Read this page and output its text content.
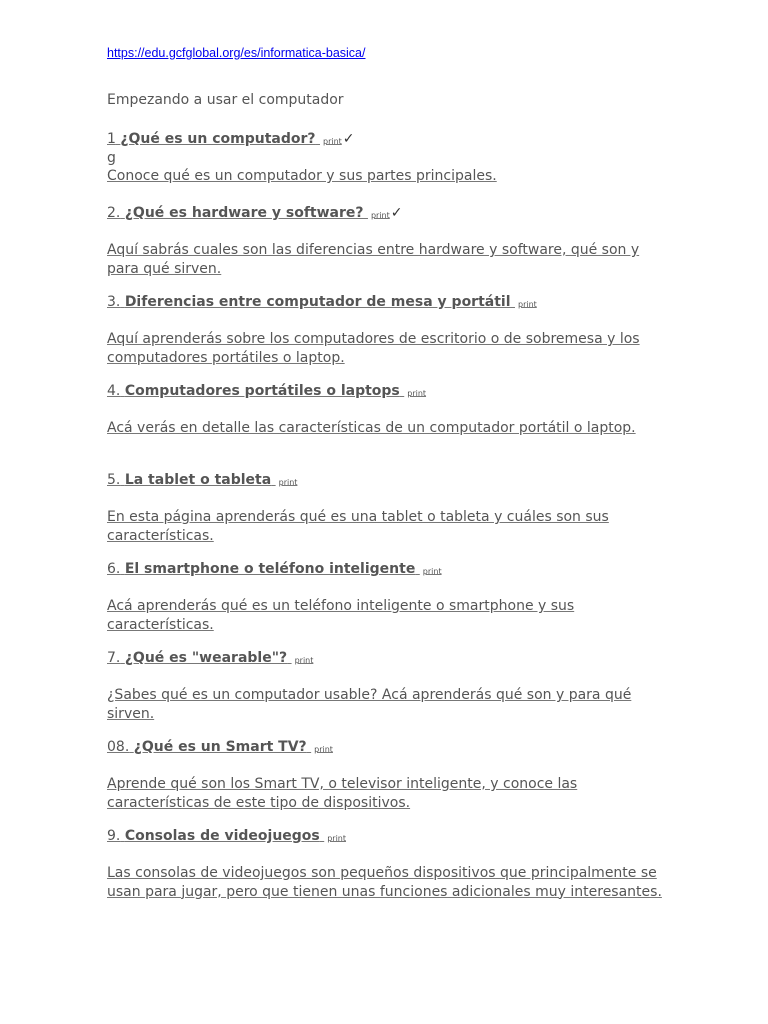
https://edu.gcfglobal.org/es/informatica-basica/

Empezando a usar el computador

1 ¿Qué es un computador? print✓
g
Conoce qué es un computador y sus partes principales.
2. ¿Qué es hardware y software? print✓
Aquí sabrás cuales son las diferencias entre hardware y software, qué son y para qué sirven.
3. Diferencias entre computador de mesa y portátil print
Aquí aprenderás sobre los computadores de escritorio o de sobremesa y los computadores portátiles o laptop.
4. Computadores portátiles o laptops print
Acá verás en detalle las características de un computador portátil o laptop.
5. La tablet o tableta print
En esta página aprenderás qué es una tablet o tableta y cuáles son sus características.
6. El smartphone o teléfono inteligente print
Acá aprenderás qué es un teléfono inteligente o smartphone y sus características.
7. ¿Qué es "wearable"? print
¿Sabes qué es un computador usable? Acá aprenderás qué son y para qué sirven.
08. ¿Qué es un Smart TV? print
Aprende qué son los Smart TV, o televisor inteligente, y conoce las características de este tipo de dispositivos.
9. Consolas de videojuegos print
Las consolas de videojuegos son pequeños dispositivos que principalmente se usan para jugar, pero que tienen unas funciones adicionales muy interesantes.
